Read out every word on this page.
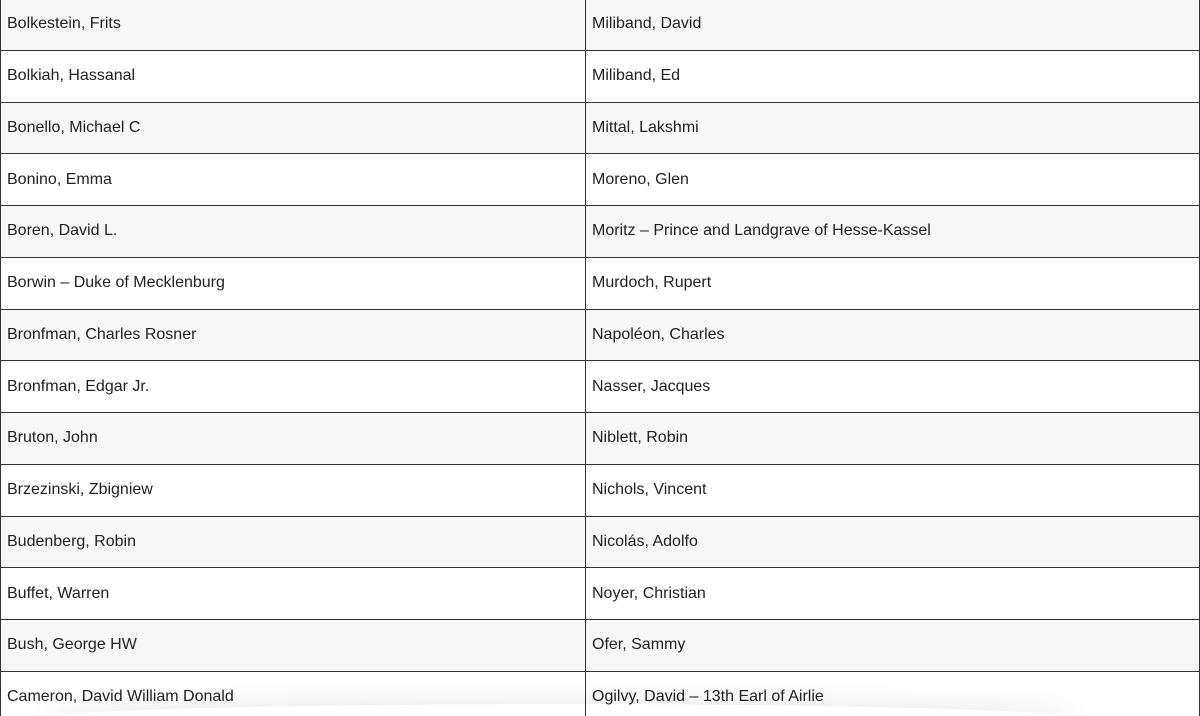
Bolkestein, Frits	Miliband, David
Bolkiah, Hassanal	Miliband, Ed
Bonello, Michael C	Mittal, Lakshmi
Bonino, Emma	Moreno, Glen
Boren, David L.	Moritz – Prince and Landgrave of Hesse-Kassel
Borwin – Duke of Mecklenburg	Murdoch, Rupert
Bronfman, Charles Rosner	Napoléon, Charles
Bronfman, Edgar Jr.	Nasser, Jacques
Bruton, John	Niblett, Robin
Brzezinski, Zbigniew	Nichols, Vincent
Budenberg, Robin	Nicolás, Adolfo
Buffet, Warren	Noyer, Christian
Bush, George HW	Ofer, Sammy
Cameron, David William Donald	Ogilvy, David – 13th Earl of Airlie
